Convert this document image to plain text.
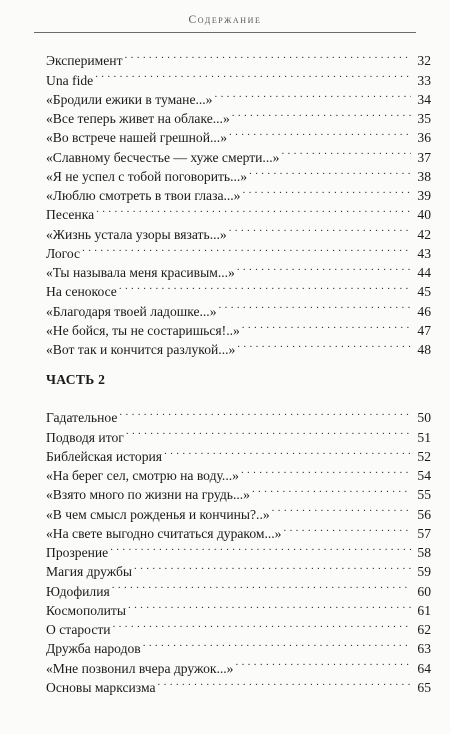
Содержание
Эксперимент . . .	32
Una fide . . .	33
«Бродили ежики в тумане...» . . .	34
«Все теперь живет на облаке...» . . .	35
«Во встрече нашей грешной...» . . .	36
«Славному бесчестье — хуже смерти...» . . .	37
«Я не успел с тобой поговорить...» . . .	38
«Люблю смотреть в твои глаза...» . . .	39
Песенка . . .	40
«Жизнь устала узоры вязать...» . . .	42
Логос . . .	43
«Ты называла меня красивым...» . . .	44
На сенокосе . . .	45
«Благодаря твоей ладошке...» . . .	46
«Не бойся, ты не состаришься!..» . . .	47
«Вот так и кончится разлукой...» . . .	48
ЧАСТЬ 2
Гадательное . . .	50
Подводя итог . . .	51
Библейская история . . .	52
«На берег сел, смотрю на воду...» . . .	54
«Взято много по жизни на грудь...» . . .	55
«В чем смысл рожденья и кончины?..» . . .	56
«На свете выгодно считаться дураком...» . . .	57
Прозрение . . .	58
Магия дружбы . . .	59
Юдофилия . . .	60
Космополиты . . .	61
О старости . . .	62
Дружба народов . . .	63
«Мне позвонил вчера дружок...» . . .	64
Основы марксизма . . .	65
